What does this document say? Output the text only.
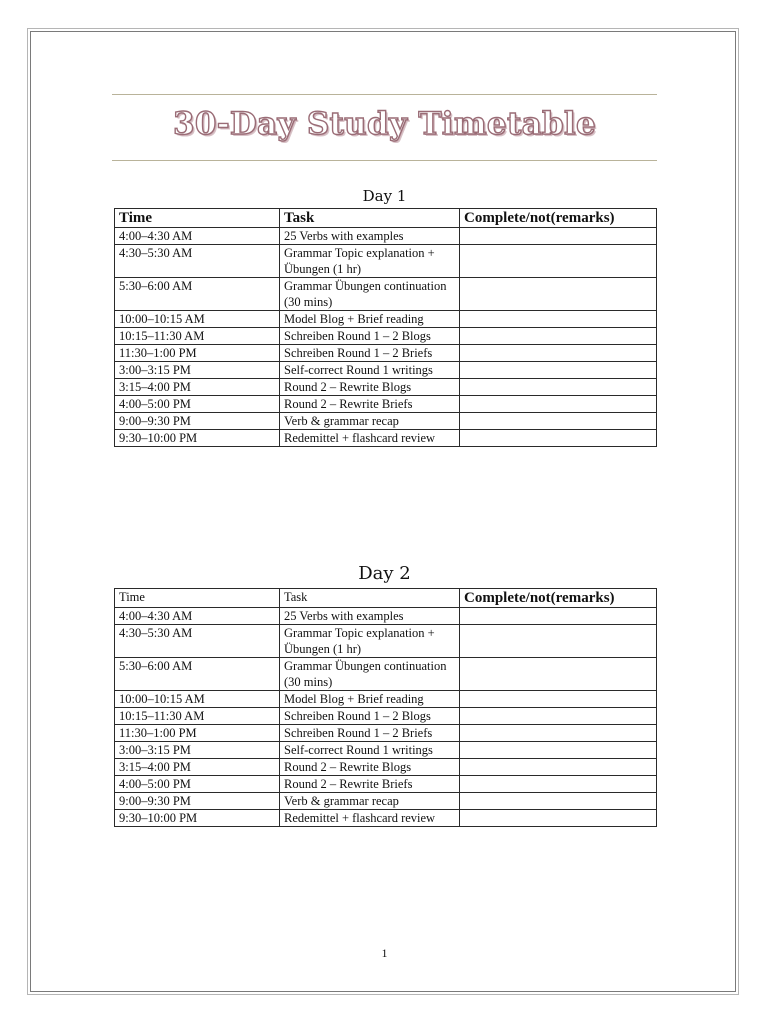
30-Day Study Timetable
Day 1
Time	Task	Complete/not(remarks)
4:00–4:30 AM	25 Verbs with examples	
4:30–5:30 AM	Grammar Topic explanation + Übungen (1 hr)	
5:30–6:00 AM	Grammar Übungen continuation (30 mins)	
10:00–10:15 AM	Model Blog + Brief reading	
10:15–11:30 AM	Schreiben Round 1 – 2 Blogs	
11:30–1:00 PM	Schreiben Round 1 – 2 Briefs	
3:00–3:15 PM	Self-correct Round 1 writings	
3:15–4:00 PM	Round 2 – Rewrite Blogs	
4:00–5:00 PM	Round 2 – Rewrite Briefs	
9:00–9:30 PM	Verb & grammar recap	
9:30–10:00 PM	Redemittel + flashcard review	
Day 2
Time	Task	Complete/not(remarks)
4:00–4:30 AM	25 Verbs with examples	
4:30–5:30 AM	Grammar Topic explanation + Übungen (1 hr)	
5:30–6:00 AM	Grammar Übungen continuation (30 mins)	
10:00–10:15 AM	Model Blog + Brief reading	
10:15–11:30 AM	Schreiben Round 1 – 2 Blogs	
11:30–1:00 PM	Schreiben Round 1 – 2 Briefs	
3:00–3:15 PM	Self-correct Round 1 writings	
3:15–4:00 PM	Round 2 – Rewrite Blogs	
4:00–5:00 PM	Round 2 – Rewrite Briefs	
9:00–9:30 PM	Verb & grammar recap	
9:30–10:00 PM	Redemittel + flashcard review	
1
